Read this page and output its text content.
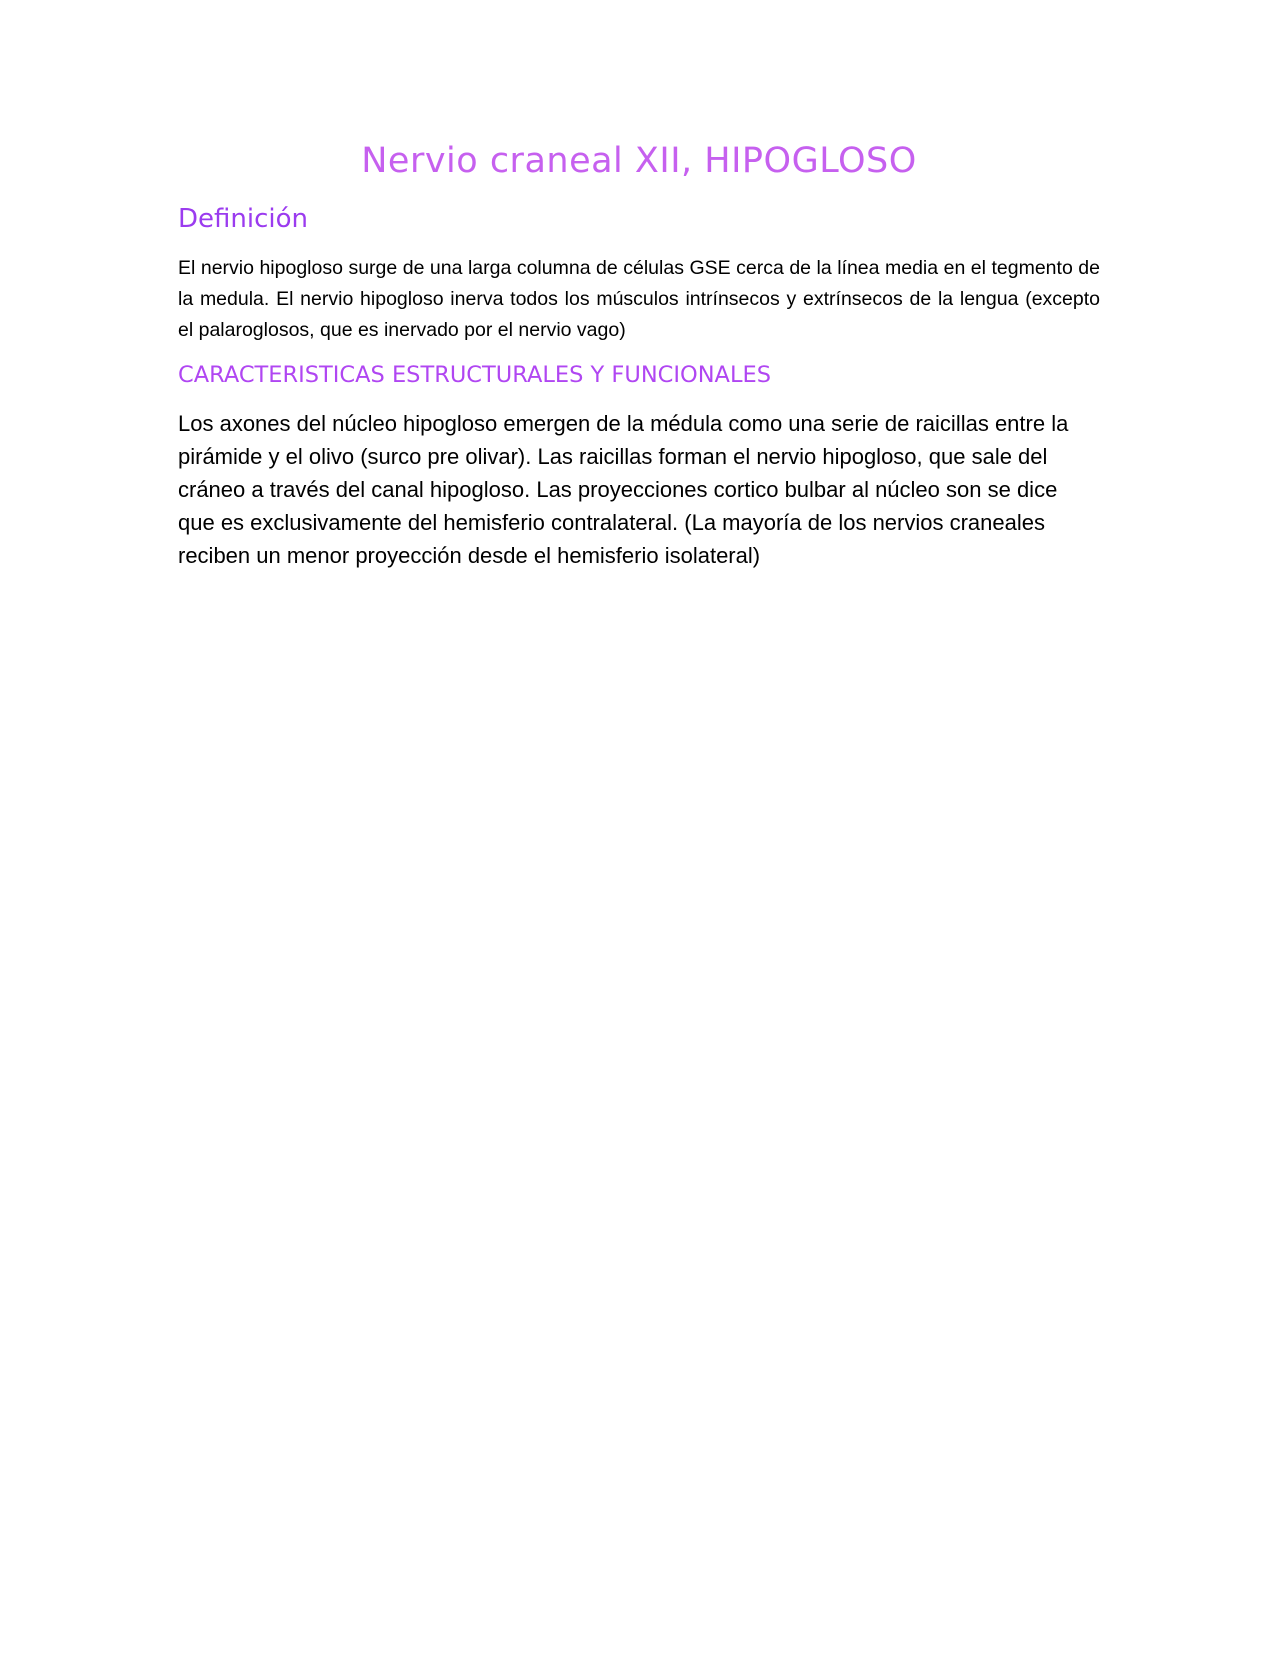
Nervio craneal XII, HIPOGLOSO
Definición

El nervio hipogloso surge de una larga columna de células GSE cerca de la línea media en el tegmento de la medula. El nervio hipogloso inerva todos los músculos intrínsecos y extrínsecos de la lengua (excepto el palaroglosos, que es inervado por el nervio vago)

CARACTERISTICAS ESTRUCTURALES Y FUNCIONALES

Los axones del núcleo hipogloso emergen de la médula como una serie de raicillas entre la pirámide y el olivo (surco pre olivar). Las raicillas forman el nervio hipogloso, que sale del cráneo a través del canal hipogloso. Las proyecciones cortico bulbar al núcleo son se dice que es exclusivamente del hemisferio contralateral. (La mayoría de los nervios craneales reciben un menor proyección desde el hemisferio isolateral)
